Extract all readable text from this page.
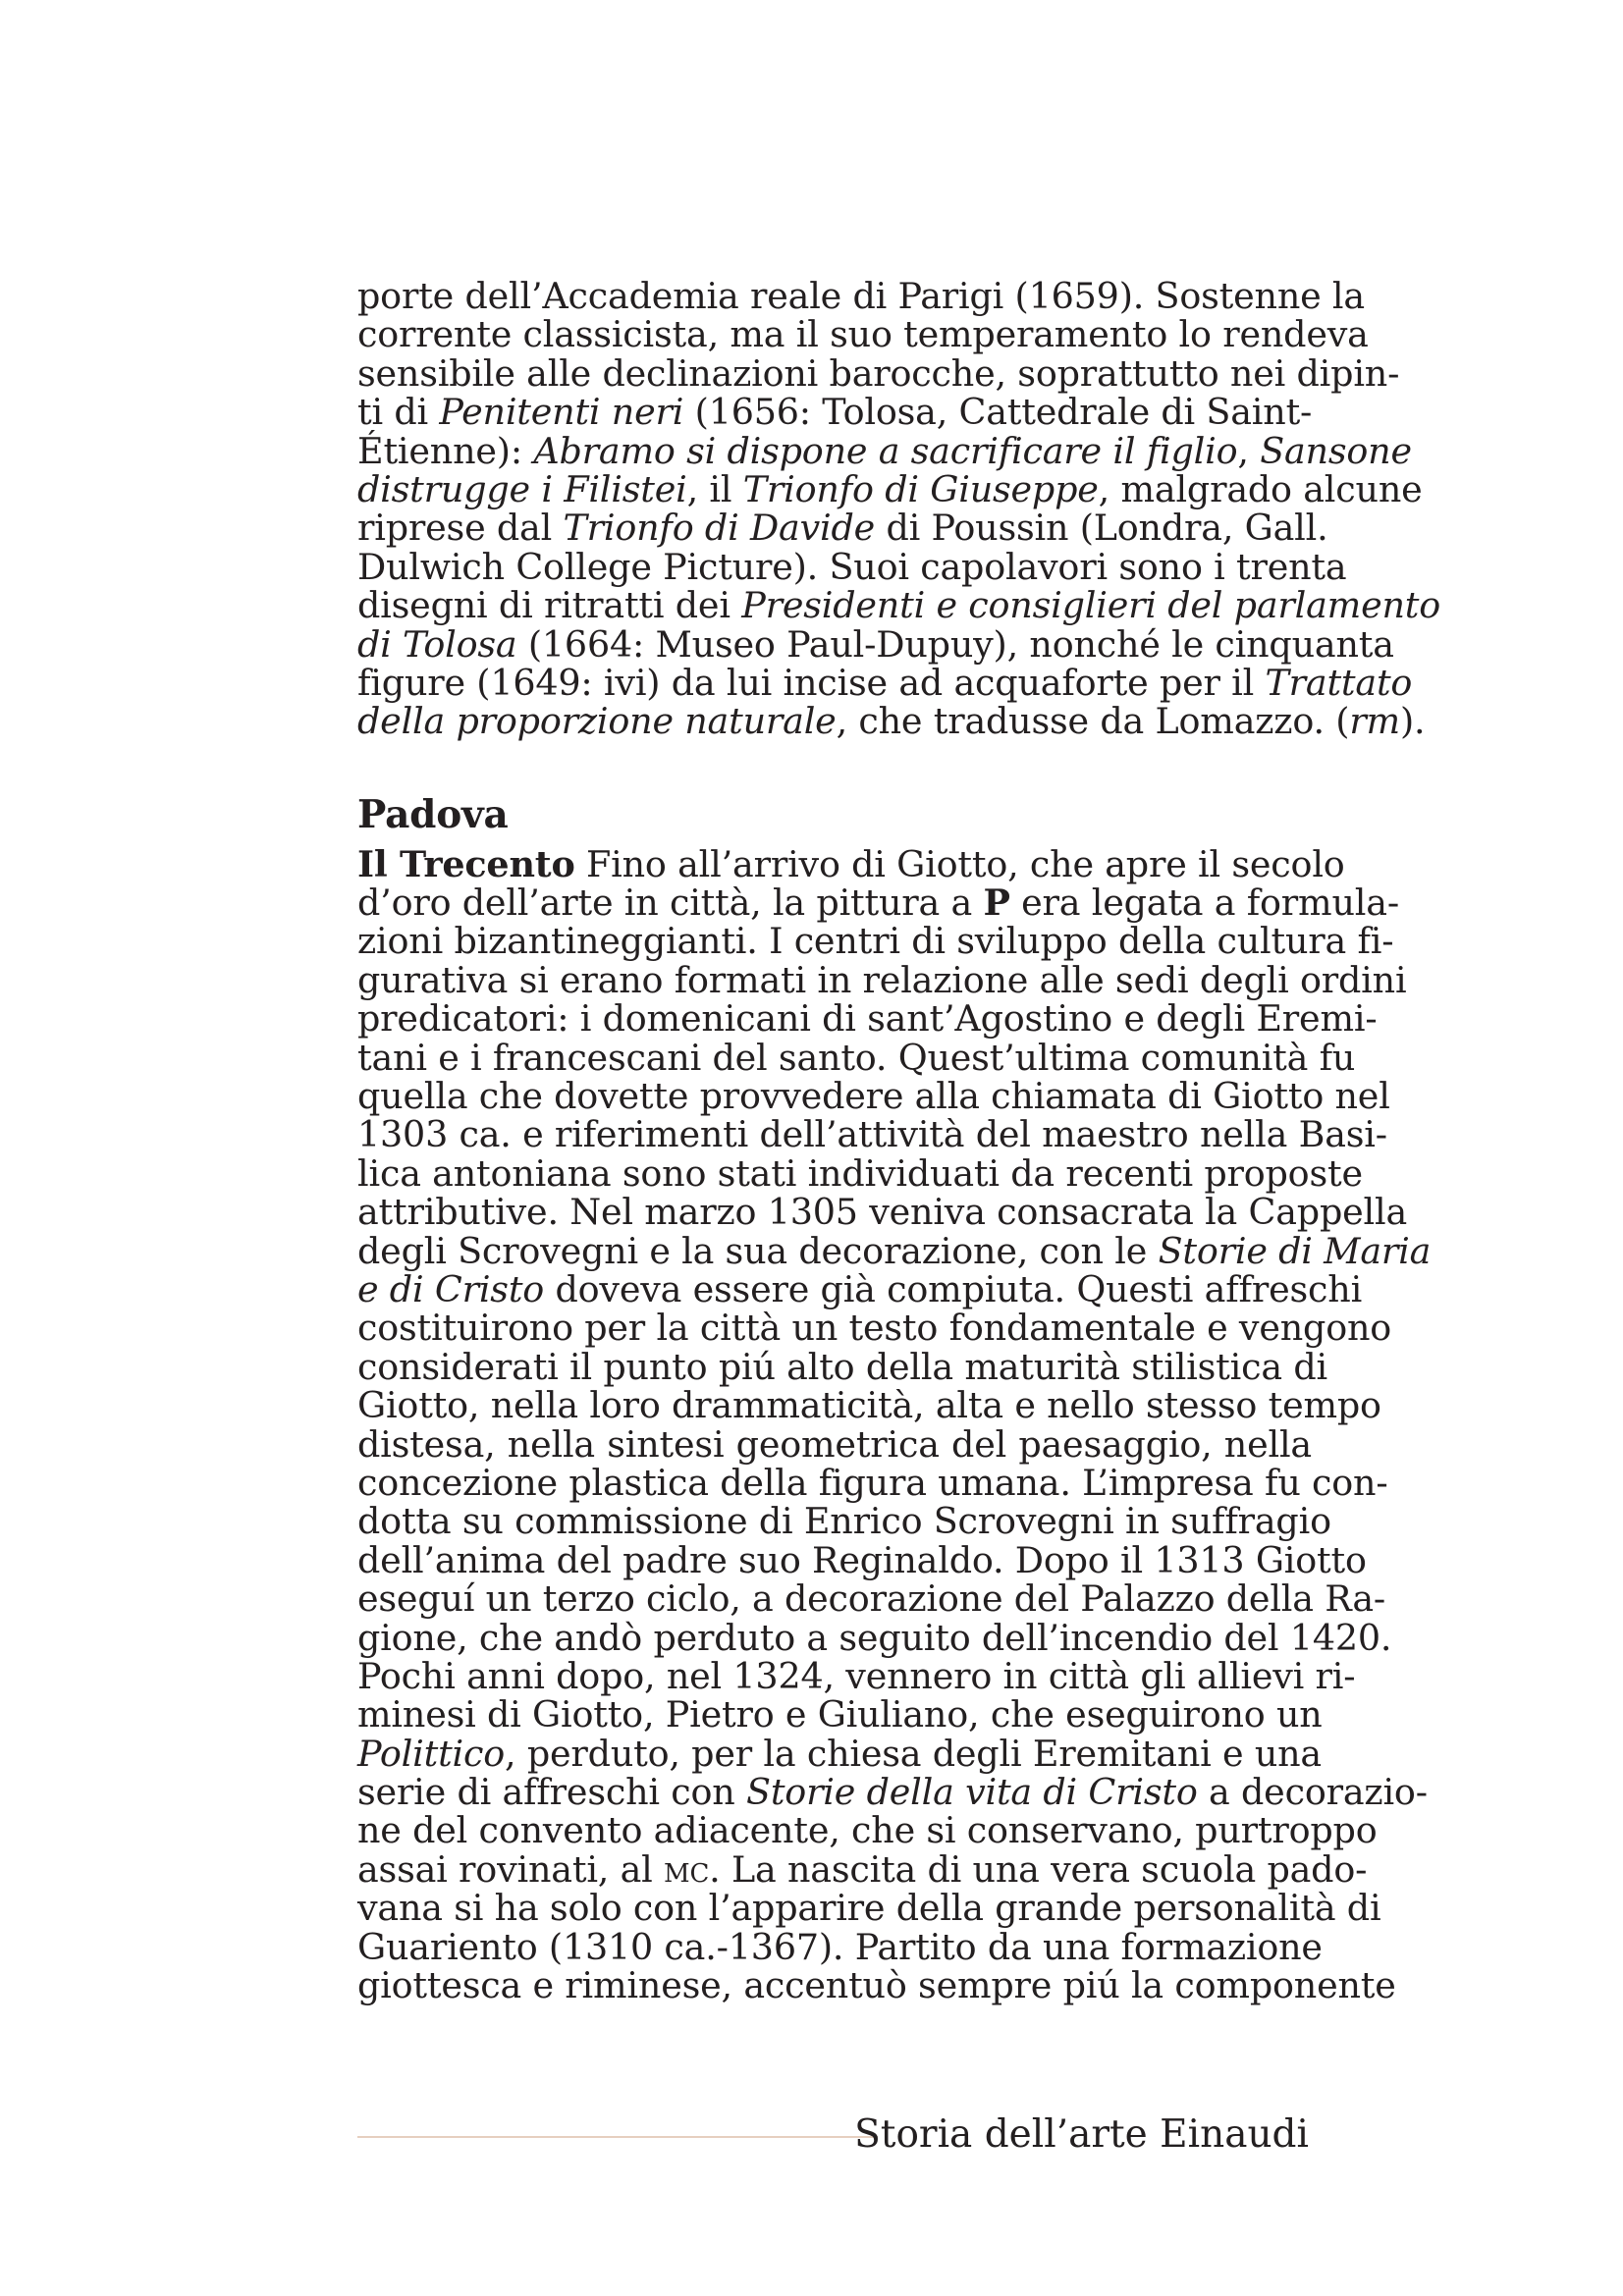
porte dell’Accademia reale di Parigi (1659). Sostenne la
corrente classicista, ma il suo temperamento lo rendeva
sensibile alle declinazioni barocche, soprattutto nei dipin-
ti di Penitenti neri (1656: Tolosa, Cattedrale di Saint-
Étienne): Abramo si dispone a sacrificare il figlio, Sansone
distrugge i Filistei, il Trionfo di Giuseppe, malgrado alcune
riprese dal Trionfo di Davide di Poussin (Londra, Gall.
Dulwich College Picture). Suoi capolavori sono i trenta
disegni di ritratti dei Presidenti e consiglieri del parlamento
di Tolosa (1664: Museo Paul-Dupuy), nonché le cinquanta
figure (1649: ivi) da lui incise ad acquaforte per il Trattato
della proporzione naturale, che tradusse da Lomazzo. (rm).
Padova
Il Trecento Fino all’arrivo di Giotto, che apre il secolo
d’oro dell’arte in città, la pittura a P era legata a formula-
zioni bizantineggianti. I centri di sviluppo della cultura fi-
gurativa si erano formati in relazione alle sedi degli ordini
predicatori: i domenicani di sant’Agostino e degli Eremi-
tani e i francescani del santo. Quest’ultima comunità fu
quella che dovette provvedere alla chiamata di Giotto nel
1303 ca. e riferimenti dell’attività del maestro nella Basi-
lica antoniana sono stati individuati da recenti proposte
attributive. Nel marzo 1305 veniva consacrata la Cappella
degli Scrovegni e la sua decorazione, con le Storie di Maria
e di Cristo doveva essere già compiuta. Questi affreschi
costituirono per la città un testo fondamentale e vengono
considerati il punto piú alto della maturità stilistica di
Giotto, nella loro drammaticità, alta e nello stesso tempo
distesa, nella sintesi geometrica del paesaggio, nella
concezione plastica della figura umana. L’impresa fu con-
dotta su commissione di Enrico Scrovegni in suffragio
dell’anima del padre suo Reginaldo. Dopo il 1313 Giotto
eseguí un terzo ciclo, a decorazione del Palazzo della Ra-
gione, che andò perduto a seguito dell’incendio del 1420.
Pochi anni dopo, nel 1324, vennero in città gli allievi ri-
minesi di Giotto, Pietro e Giuliano, che eseguirono un
Polittico, perduto, per la chiesa degli Eremitani e una
serie di affreschi con Storie della vita di Cristo a decorazio-
ne del convento adiacente, che si conservano, purtroppo
assai rovinati, al mc. La nascita di una vera scuola pado-
vana si ha solo con l’apparire della grande personalità di
Guariento (1310 ca.-1367). Partito da una formazione
giottesca e riminese, accentuò sempre piú la componente
Storia dell’arte Einaudi
